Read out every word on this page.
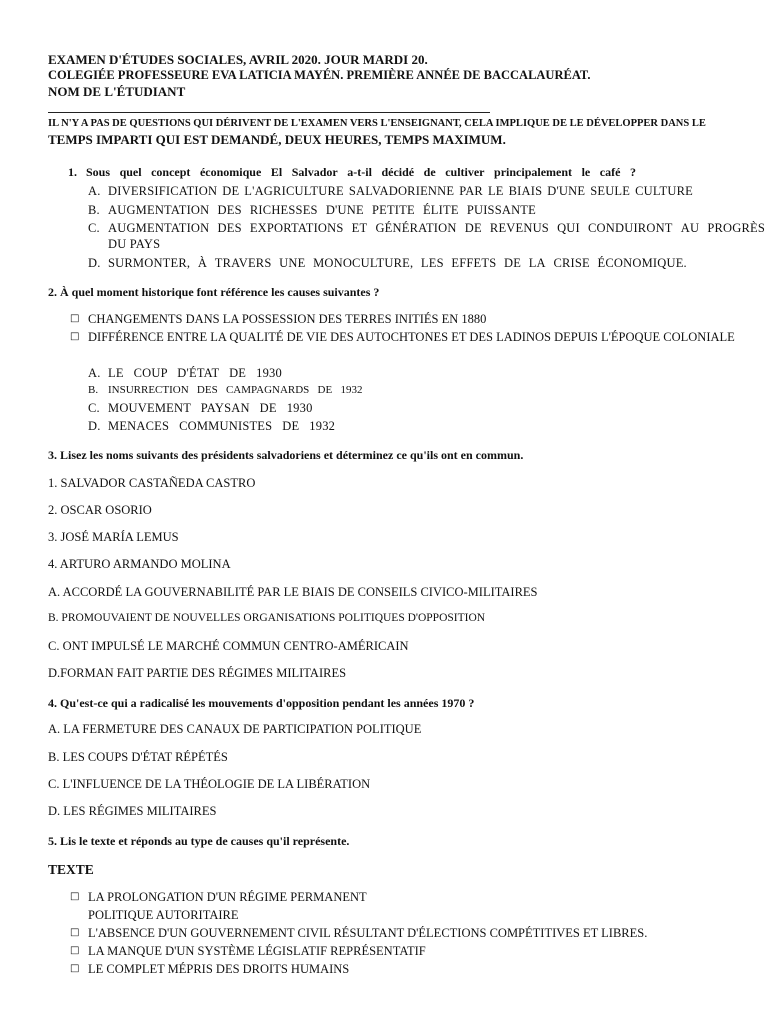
EXAMEN D'ÉTUDES SOCIALES, AVRIL 2020. JOUR MARDI 20.
COLEGIÉE PROFESSEURE EVA LATICIA MAYÉN. PREMIÈRE ANNÉE DE BACCALAURÉAT.
NOM DE L'ÉTUDIANT
IL N'Y A PAS DE QUESTIONS QUI DÉRIVENT DE L'EXAMEN VERS L'ENSEIGNANT, CELA IMPLIQUE DE LE DÉVELOPPER DANS LE
TEMPS IMPARTI QUI EST DEMANDÉ, DEUX HEURES, TEMPS MAXIMUM.
1. Sous quel concept économique El Salvador a-t-il décidé de cultiver principalement le café ?
A. DIVERSIFICATION DE L'AGRICULTURE SALVADORIENNE PAR LE BIAIS D'UNE SEULE CULTURE
B. AUGMENTATION DES RICHESSES D'UNE PETITE ÉLITE PUISSANTE
C. AUGMENTATION DES EXPORTATIONS ET GÉNÉRATION DE REVENUS QUI CONDUIRONT AU PROGRÈS
DU PAYS
D. SURMONTER, À TRAVERS UNE MONOCULTURE, LES EFFETS DE LA CRISE ÉCONOMIQUE.
2. À quel moment historique font référence les causes suivantes ?
□ CHANGEMENTS DANS LA POSSESSION DES TERRES INITIÉS EN 1880
□ DIFFÉRENCE ENTRE LA QUALITÉ DE VIE DES AUTOCHTONES ET DES LADINOS DEPUIS L'ÉPOQUE COLONIALE
A. LE   COUP   D'ÉTAT   DE   1930
B. INSURRECTION   DES   CAMPAGNARDS   DE   1932
C. MOUVEMENT   PAYSAN   DE   1930
D. MENACES   COMMUNISTES   DE   1932
3. Lisez les noms suivants des présidents salvadoriens et déterminez ce qu'ils ont en commun.
1. SALVADOR CASTAÑEDA CASTRO
2. OSCAR OSORIO
3. JOSÉ MARÍA LEMUS
4. ARTURO ARMANDO MOLINA
A. ACCORDÉ LA GOUVERNABILITÉ PAR LE BIAIS DE CONSEILS CIVICO-MILITAIRES
B. PROMOUVAIENT DE NOUVELLES ORGANISATIONS POLITIQUES D'OPPOSITION
C. ONT IMPULSÉ LE MARCHÉ COMMUN CENTRO-AMÉRICAIN
D.FORMAN FAIT PARTIE DES RÉGIMES MILITAIRES
4. Qu'est-ce qui a radicalisé les mouvements d'opposition pendant les années 1970 ?
A. LA FERMETURE DES CANAUX DE PARTICIPATION POLITIQUE
B. LES COUPS D'ÉTAT RÉPÉTÉS
C. L'INFLUENCE DE LA THÉOLOGIE DE LA LIBÉRATION
D. LES RÉGIMES MILITAIRES
5. Lis le texte et réponds au type de causes qu'il représente.
TEXTE
□ LA PROLONGATION D'UN RÉGIME PERMANENT
POLITIQUE AUTORITAIRE
□ L'ABSENCE D'UN GOUVERNEMENT CIVIL RÉSULTANT D'ÉLECTIONS COMPÉTITIVES ET LIBRES.
□ LA MANQUE D'UN SYSTÈME LÉGISLATIF REPRÉSENTATIF
□ LE COMPLET MÉPRIS DES DROITS HUMAINS
